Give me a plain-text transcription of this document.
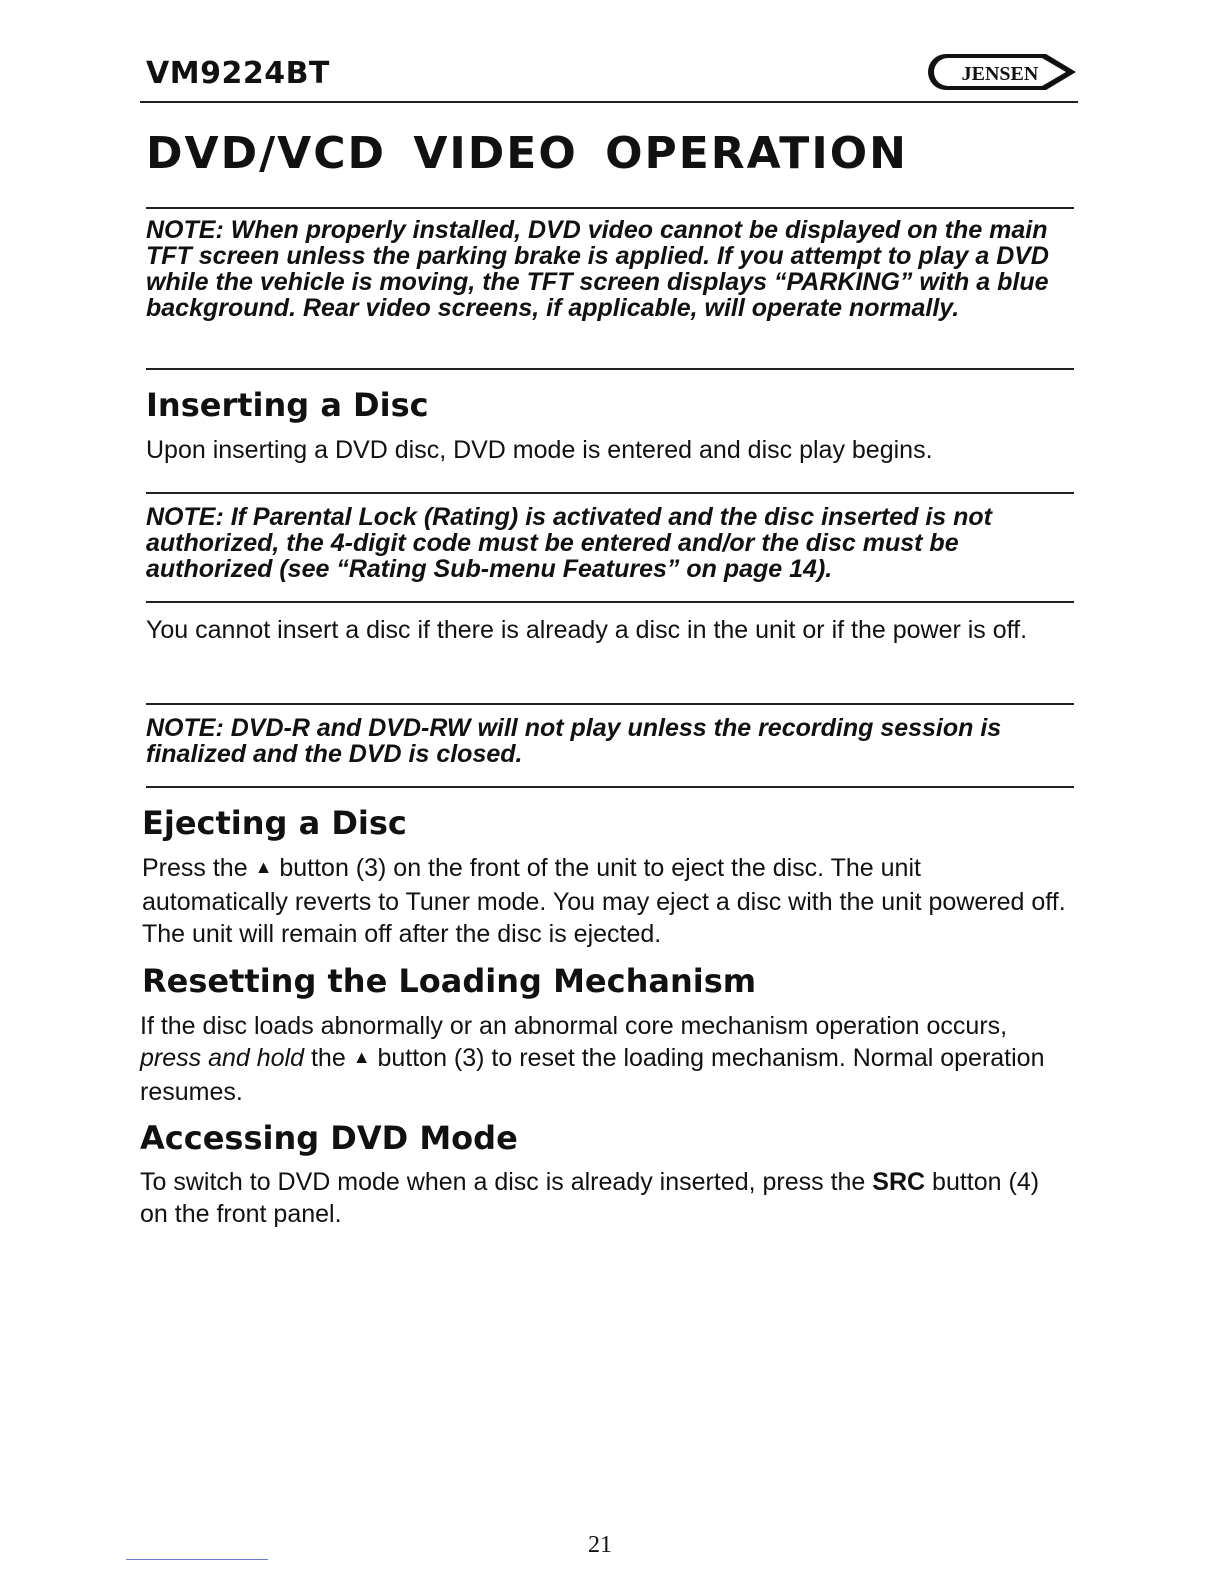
VM9224BT	JENSEN
DVD/VCD VIDEO OPERATION
NOTE: When properly installed, DVD video cannot be displayed on the main TFT screen unless the parking brake is applied. If you attempt to play a DVD while the vehicle is moving, the TFT screen displays “PARKING” with a blue background. Rear video screens, if applicable, will operate normally.
Inserting a Disc
Upon inserting a DVD disc, DVD mode is entered and disc play begins.
NOTE: If Parental Lock (Rating) is activated and the disc inserted is not authorized, the 4-digit code must be entered and/or the disc must be authorized (see “Rating Sub-menu Features” on page 14).
You cannot insert a disc if there is already a disc in the unit or if the power is off.
NOTE: DVD-R and DVD-RW will not play unless the recording session is finalized and the DVD is closed.
Ejecting a Disc
Press the ▲ button (3) on the front of the unit to eject the disc. The unit automatically reverts to Tuner mode. You may eject a disc with the unit powered off. The unit will remain off after the disc is ejected.
Resetting the Loading Mechanism
If the disc loads abnormally or an abnormal core mechanism operation occurs, press and hold the ▲ button (3) to reset the loading mechanism. Normal operation resumes.
Accessing DVD Mode
To switch to DVD mode when a disc is already inserted, press the SRC button (4) on the front panel.
21
